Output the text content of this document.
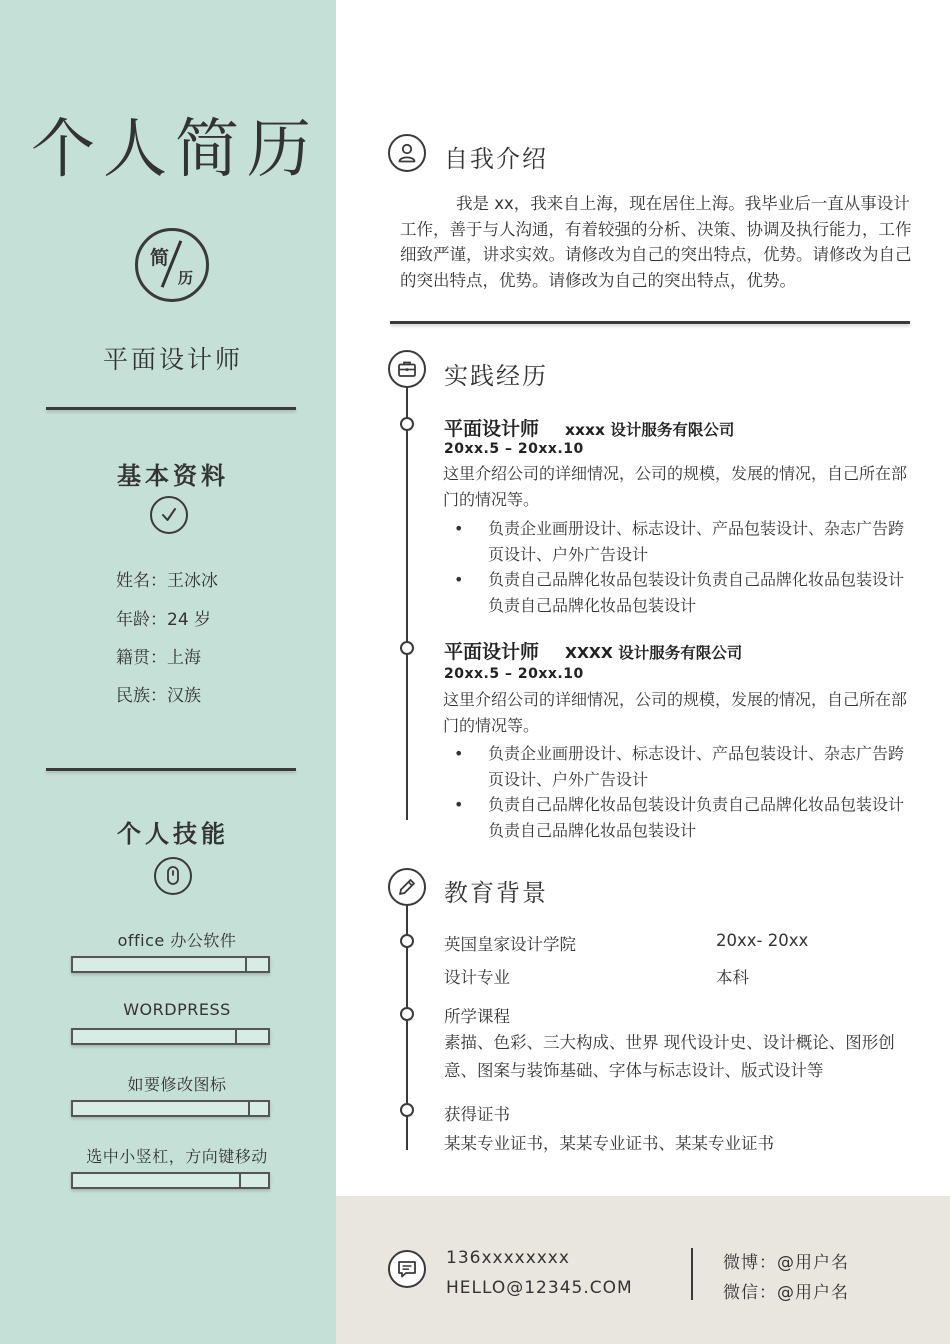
个人简历
简
历
平面设计师
基本资料
姓名：王冰冰
年龄：24 岁
籍贯：上海
民族：汉族
个人技能
office 办公软件
WORDPRESS
如要修改图标
选中小竖杠，方向键移动
自我介绍
我是 xx，我来自上海，现在居住上海。我毕业后一直从事设计工作，善于与人沟通，有着较强的分析、决策、协调及执行能力，工作细致严谨，讲求实效。请修改为自己的突出特点，优势。请修改为自己的突出特点，优势。请修改为自己的突出特点，优势。
实践经历
平面设计师 xxxx 设计服务有限公司
20xx.5 – 20xx.10
这里介绍公司的详细情况，公司的规模，发展的情况，自己所在部门的情况等。
• 负责企业画册设计、标志设计、产品包装设计、杂志广告跨页设计、户外广告设计
• 负责自己品牌化妆品包装设计负责自己品牌化妆品包装设计负责自己品牌化妆品包装设计
平面设计师 XXXX 设计服务有限公司
20xx.5 – 20xx.10
这里介绍公司的详细情况，公司的规模，发展的情况，自己所在部门的情况等。
• 负责企业画册设计、标志设计、产品包装设计、杂志广告跨页设计、户外广告设计
• 负责自己品牌化妆品包装设计负责自己品牌化妆品包装设计负责自己品牌化妆品包装设计
教育背景
英国皇家设计学院	20xx- 20xx
设计专业	本科
所学课程
素描、色彩、三大构成、世界 现代设计史、设计概论、图形创意、图案与装饰基础、字体与标志设计、版式设计等
获得证书
某某专业证书，某某专业证书、某某专业证书
136xxxxxxxx
HELLO@12345.COM
微博：@用户名
微信：@用户名
